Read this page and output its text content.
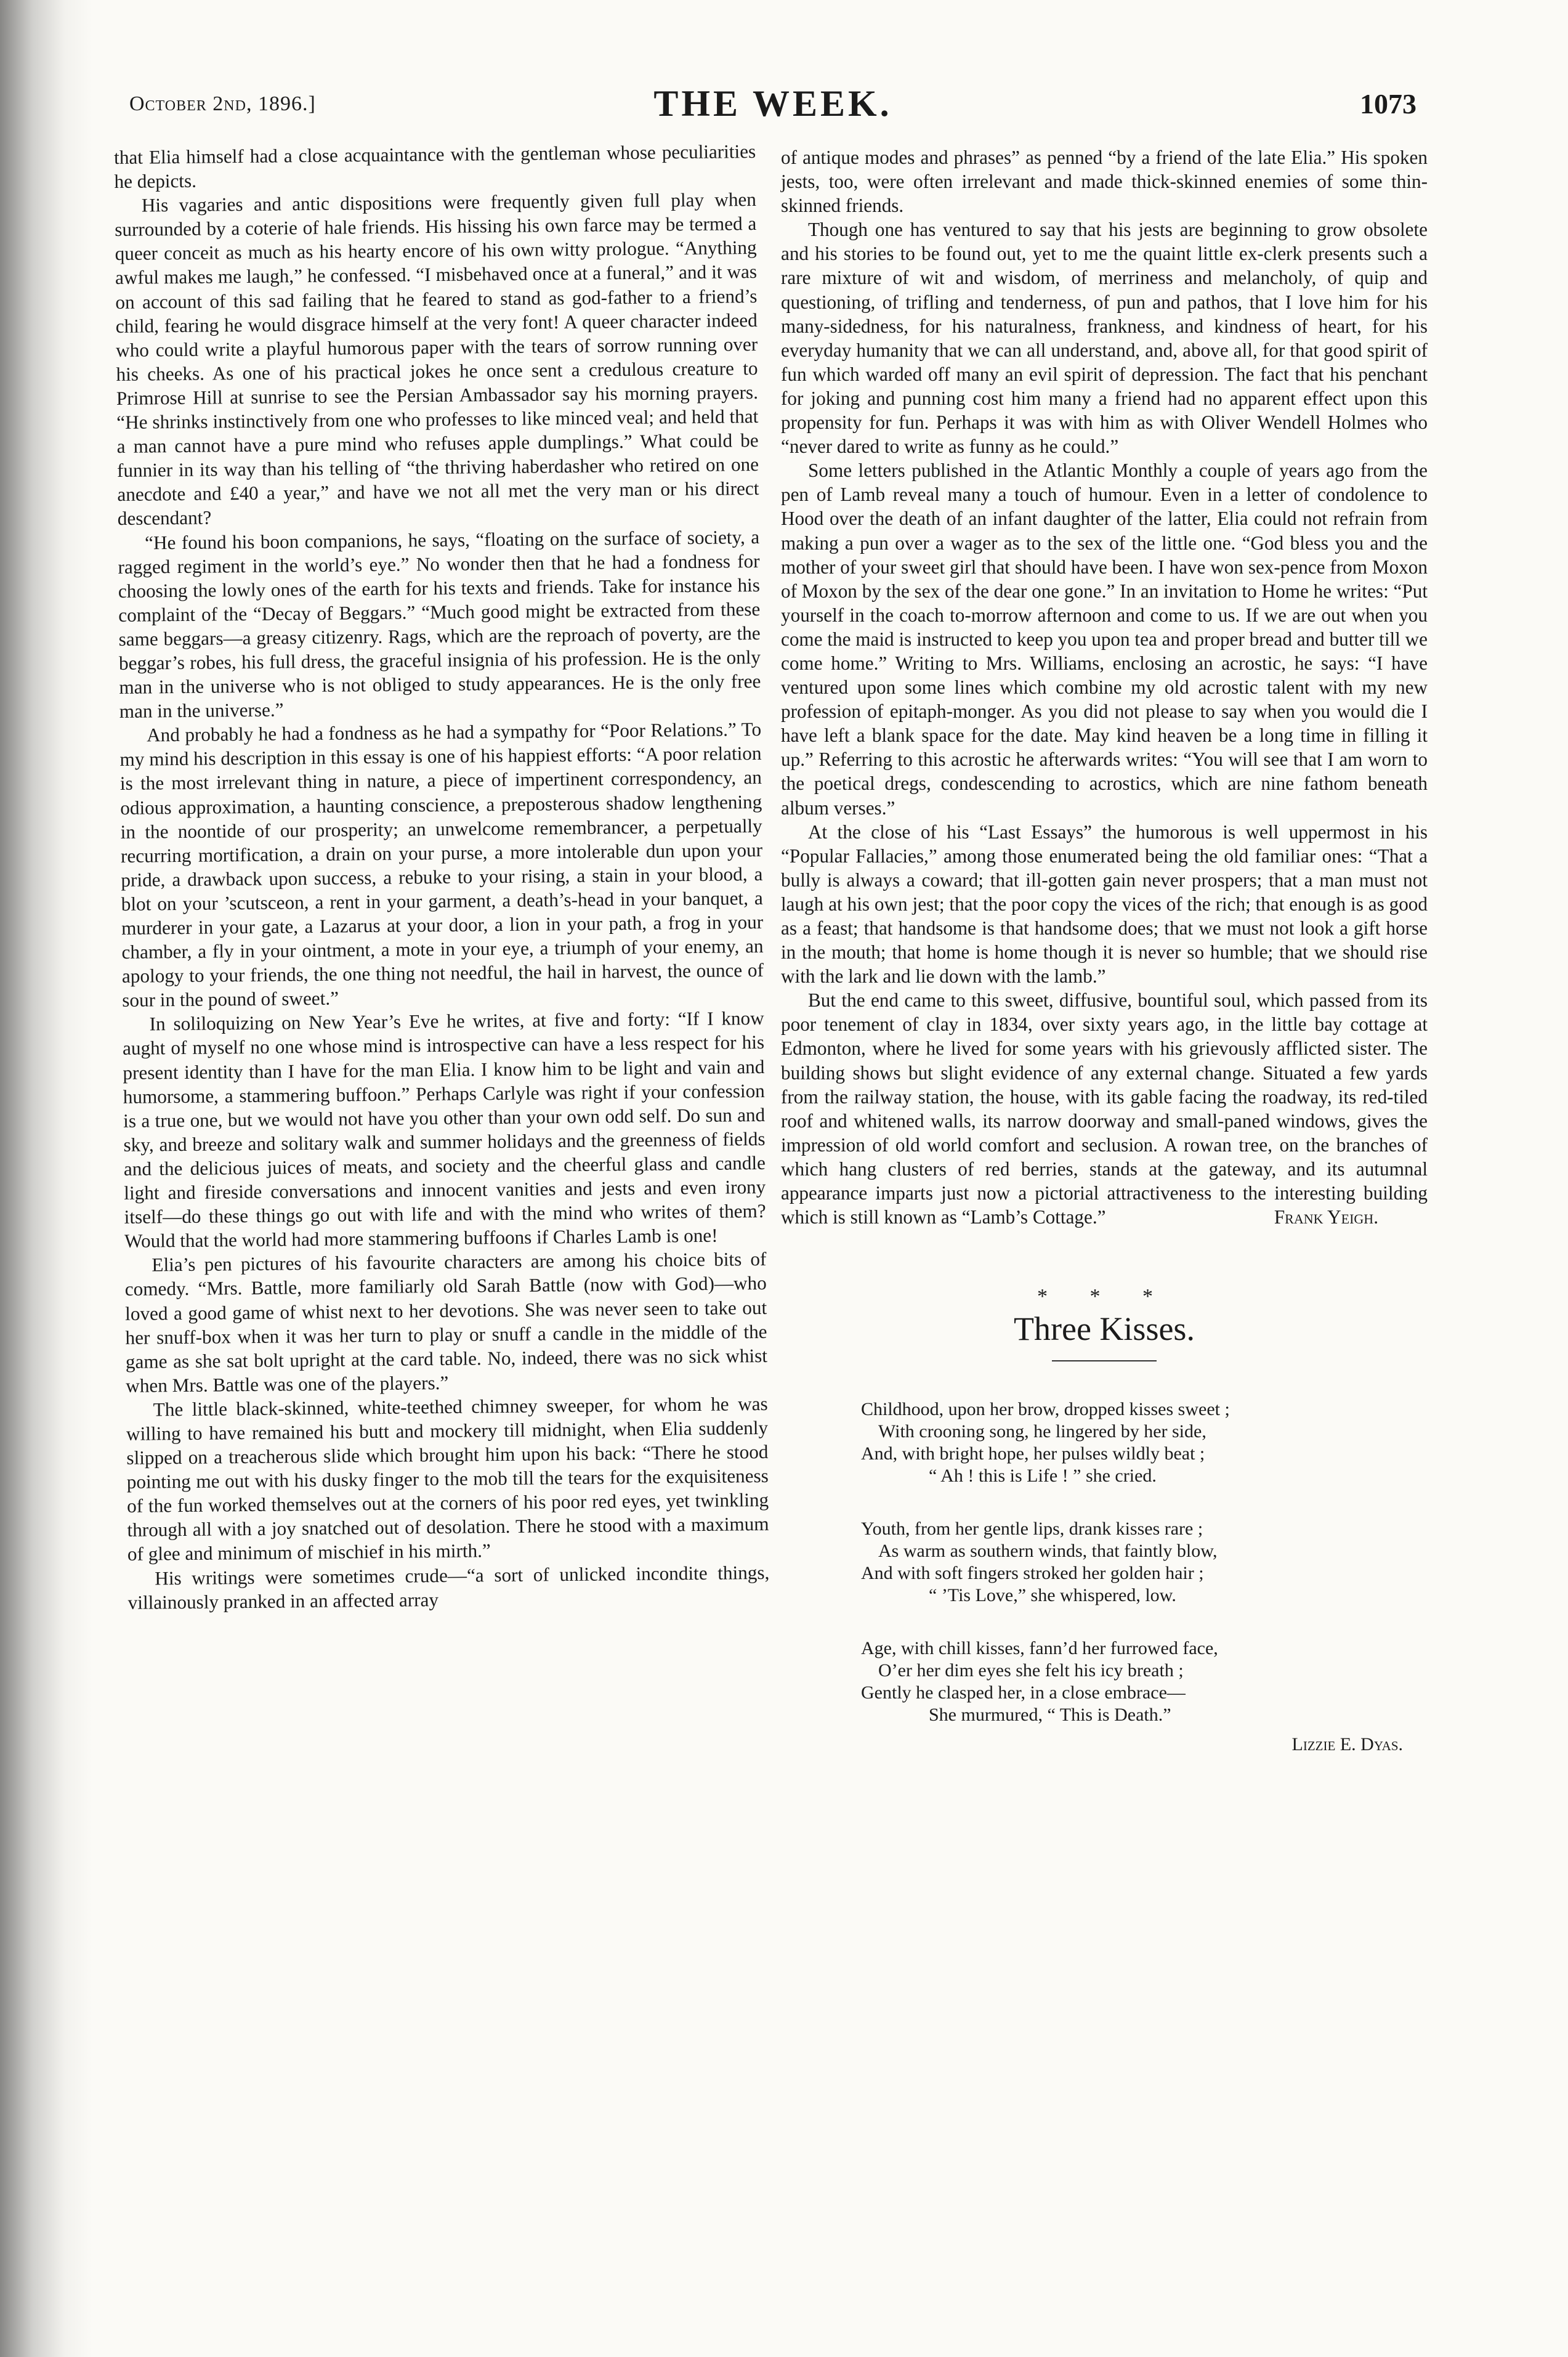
October 2nd, 1896.]	THE WEEK.	1073

that Elia himself had a close acquaintance with the gentleman whose peculiarities he depicts.

His vagaries and antic dispositions were frequently given full play when surrounded by a coterie of hale friends. His hissing his own farce may be termed a queer conceit as much as his hearty encore of his own witty prologue. “Anything awful makes me laugh,” he confessed. “I misbehaved once at a funeral,” and it was on account of this sad failing that he feared to stand as god-father to a friend’s child, fearing he would disgrace himself at the very font! A queer character indeed who could write a playful humorous paper with the tears of sorrow running over his cheeks. As one of his practical jokes he once sent a credulous creature to Primrose Hill at sunrise to see the Persian Ambassador say his morning prayers. “He shrinks instinctively from one who professes to like minced veal; and held that a man cannot have a pure mind who refuses apple dumplings.” What could be funnier in its way than his telling of “the thriving haberdasher who retired on one anecdote and £40 a year,” and have we not all met the very man or his direct descendant?

“He found his boon companions, he says, “floating on the surface of society, a ragged regiment in the world’s eye.” No wonder then that he had a fondness for choosing the lowly ones of the earth for his texts and friends. Take for instance his complaint of the “Decay of Beggars.” “Much good might be extracted from these same beggars—a greasy citizenry. Rags, which are the reproach of poverty, are the beggar’s robes, his full dress, the graceful insignia of his profession. He is the only man in the universe who is not obliged to study appearances. He is the only free man in the universe.”

And probably he had a fondness as he had a sympathy for “Poor Relations.” To my mind his description in this essay is one of his happiest efforts: “A poor relation is the most irrelevant thing in nature, a piece of impertinent correspondency, an odious approximation, a haunting conscience, a preposterous shadow lengthening in the noontide of our prosperity; an unwelcome remembrancer, a perpetually recurring mortification, a drain on your purse, a more intolerable dun upon your pride, a drawback upon success, a rebuke to your rising, a stain in your blood, a blot on your ’scutsceon, a rent in your garment, a death’s-head in your banquet, a murderer in your gate, a Lazarus at your door, a lion in your path, a frog in your chamber, a fly in your ointment, a mote in your eye, a triumph of your enemy, an apology to your friends, the one thing not needful, the hail in harvest, the ounce of sour in the pound of sweet.”

In soliloquizing on New Year’s Eve he writes, at five and forty: “If I know aught of myself no one whose mind is introspective can have a less respect for his present identity than I have for the man Elia. I know him to be light and vain and humorsome, a stammering buffoon.” Perhaps Carlyle was right if your confession is a true one, but we would not have you other than your own odd self. Do sun and sky, and breeze and solitary walk and summer holidays and the greenness of fields and the delicious juices of meats, and society and the cheerful glass and candle light and fireside conversations and innocent vanities and jests and even irony itself—do these things go out with life and with the mind who writes of them? Would that the world had more stammering buffoons if Charles Lamb is one!

Elia’s pen pictures of his favourite characters are among his choice bits of comedy. “Mrs. Battle, more familiarly old Sarah Battle (now with God)—who loved a good game of whist next to her devotions. She was never seen to take out her snuff-box when it was her turn to play or snuff a candle in the middle of the game as she sat bolt upright at the card table. No, indeed, there was no sick whist when Mrs. Battle was one of the players.”

The little black-skinned, white-teethed chimney sweeper, for whom he was willing to have remained his butt and mockery till midnight, when Elia suddenly slipped on a treacherous slide which brought him upon his back: “There he stood pointing me out with his dusky finger to the mob till the tears for the exquisiteness of the fun worked themselves out at the corners of his poor red eyes, yet twinkling through all with a joy snatched out of desolation. There he stood with a maximum of glee and minimum of mischief in his mirth.”

His writings were sometimes crude—“a sort of unlicked incondite things, villainously pranked in an affected array

of antique modes and phrases” as penned “by a friend of the late Elia.” His spoken jests, too, were often irrelevant and made thick-skinned enemies of some thin-skinned friends.

Though one has ventured to say that his jests are beginning to grow obsolete and his stories to be found out, yet to me the quaint little ex-clerk presents such a rare mixture of wit and wisdom, of merriness and melancholy, of quip and questioning, of trifling and tenderness, of pun and pathos, that I love him for his many-sidedness, for his naturalness, frankness, and kindness of heart, for his everyday humanity that we can all understand, and, above all, for that good spirit of fun which warded off many an evil spirit of depression. The fact that his penchant for joking and punning cost him many a friend had no apparent effect upon this propensity for fun. Perhaps it was with him as with Oliver Wendell Holmes who “never dared to write as funny as he could.”

Some letters published in the Atlantic Monthly a couple of years ago from the pen of Lamb reveal many a touch of humour. Even in a letter of condolence to Hood over the death of an infant daughter of the latter, Elia could not refrain from making a pun over a wager as to the sex of the little one. “God bless you and the mother of your sweet girl that should have been. I have won sex-pence from Moxon of Moxon by the sex of the dear one gone.” In an invitation to Home he writes: “Put yourself in the coach to-morrow afternoon and come to us. If we are out when you come the maid is instructed to keep you upon tea and proper bread and butter till we come home.” Writing to Mrs. Williams, enclosing an acrostic, he says: “I have ventured upon some lines which combine my old acrostic talent with my new profession of epitaph-monger. As you did not please to say when you would die I have left a blank space for the date. May kind heaven be a long time in filling it up.” Referring to this acrostic he afterwards writes: “You will see that I am worn to the poetical dregs, condescending to acrostics, which are nine fathom beneath album verses.”

At the close of his “Last Essays” the humorous is well uppermost in his “Popular Fallacies,” among those enumerated being the old familiar ones: “That a bully is always a coward; that ill-gotten gain never prospers; that a man must not laugh at his own jest; that the poor copy the vices of the rich; that enough is as good as a feast; that handsome is that handsome does; that we must not look a gift horse in the mouth; that home is home though it is never so humble; that we should rise with the lark and lie down with the lamb.”

But the end came to this sweet, diffusive, bountiful soul, which passed from its poor tenement of clay in 1834, over sixty years ago, in the little bay cottage at Edmonton, where he lived for some years with his grievously afflicted sister. The building shows but slight evidence of any external change. Situated a few yards from the railway station, the house, with its gable facing the roadway, its red-tiled roof and whitened walls, its narrow doorway and small-paned windows, gives the impression of old world comfort and seclusion. A rowan tree, on the branches of which hang clusters of red berries, stands at the gateway, and its autumnal appearance imparts just now a pictorial attractiveness to the interesting building which is still known as “Lamb’s Cottage.”	Frank Yeigh.
* * *
Three Kisses.
Childhood, upon her brow, dropped kisses sweet ;
With crooning song, he lingered by her side,
And, with bright hope, her pulses wildly beat ;
“ Ah ! this is Life ! ” she cried.
Youth, from her gentle lips, drank kisses rare ;
As warm as southern winds, that faintly blow,
And with soft fingers stroked her golden hair ;
“ ’Tis Love,” she whispered, low.
Age, with chill kisses, fann’d her furrowed face,
O’er her dim eyes she felt his icy breath ;
Gently he clasped her, in a close embrace—
She murmured, “ This is Death.”
Lizzie E. Dyas.
